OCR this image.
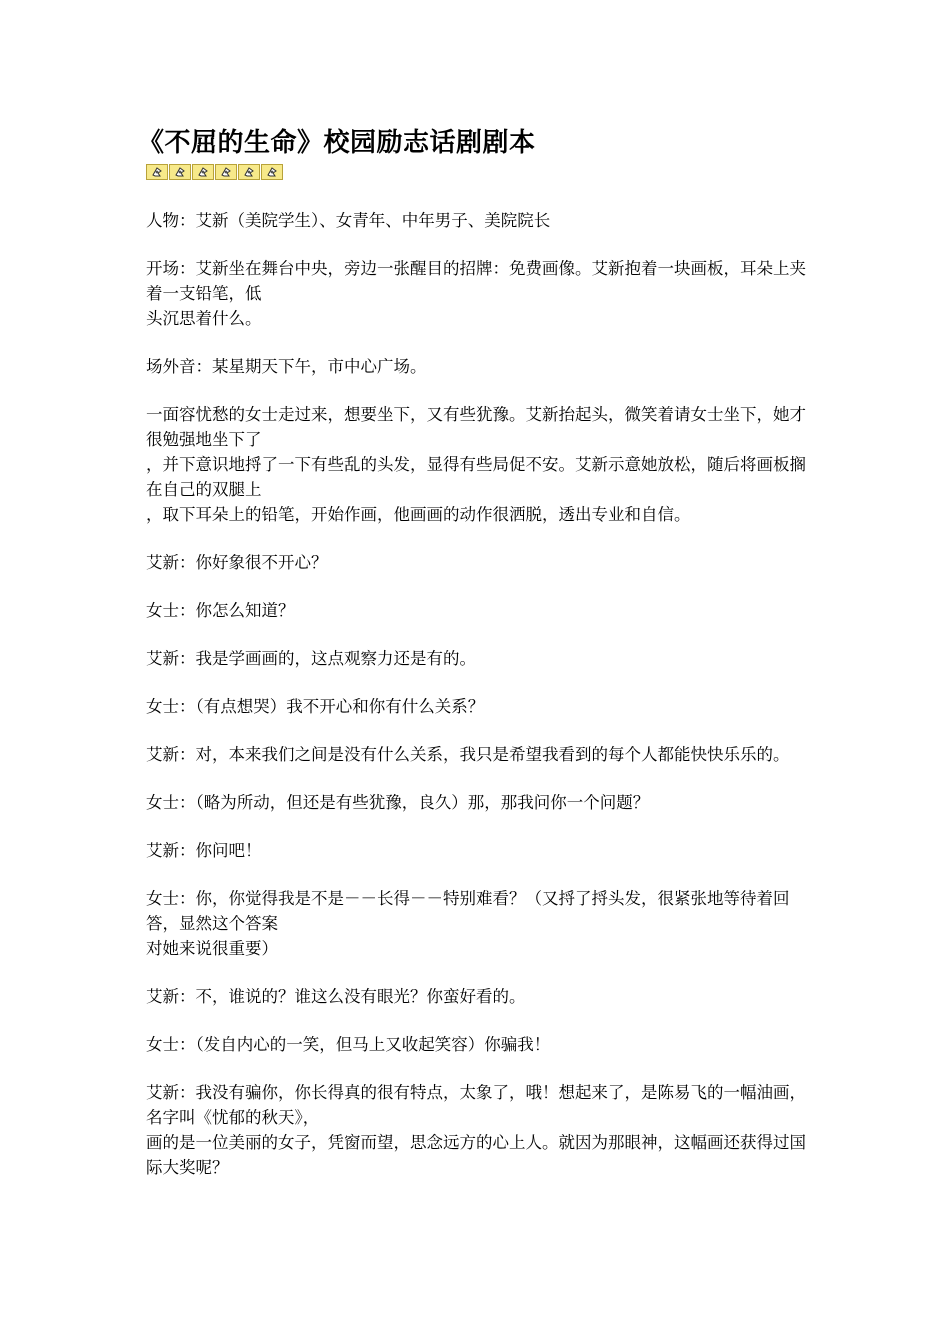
《不屈的生命》校园励志话剧剧本

人物：艾新（美院学生）、女青年、中年男子、美院院长

开场：艾新坐在舞台中央，旁边一张醒目的招牌：免费画像。艾新抱着一块画板，耳朵上夹着一支铅笔，低
头沉思着什么。

场外音：某星期天下午，市中心广场。

一面容忧愁的女士走过来，想要坐下，又有些犹豫。艾新抬起头，微笑着请女士坐下，她才很勉强地坐下了
，并下意识地捋了一下有些乱的头发，显得有些局促不安。艾新示意她放松，随后将画板搁在自己的双腿上
，取下耳朵上的铅笔，开始作画，他画画的动作很洒脱，透出专业和自信。

艾新：你好象很不开心？

女士：你怎么知道？

艾新：我是学画画的，这点观察力还是有的。

女士：（有点想哭）我不开心和你有什么关系？

艾新：对，本来我们之间是没有什么关系，我只是希望我看到的每个人都能快快乐乐的。

女士：（略为所动，但还是有些犹豫，良久）那，那我问你一个问题？

艾新：你问吧！

女士：你，你觉得我是不是－－长得－－特别难看？（又捋了捋头发，很紧张地等待着回答，显然这个答案
对她来说很重要）

艾新：不，谁说的？谁这么没有眼光？你蛮好看的。

女士：（发自内心的一笑，但马上又收起笑容）你骗我！

艾新：我没有骗你，你长得真的很有特点，太象了，哦！想起来了，是陈易飞的一幅油画，名字叫《忧郁的秋天》，
画的是一位美丽的女子，凭窗而望，思念远方的心上人。就因为那眼神，这幅画还获得过国际大奖呢？
